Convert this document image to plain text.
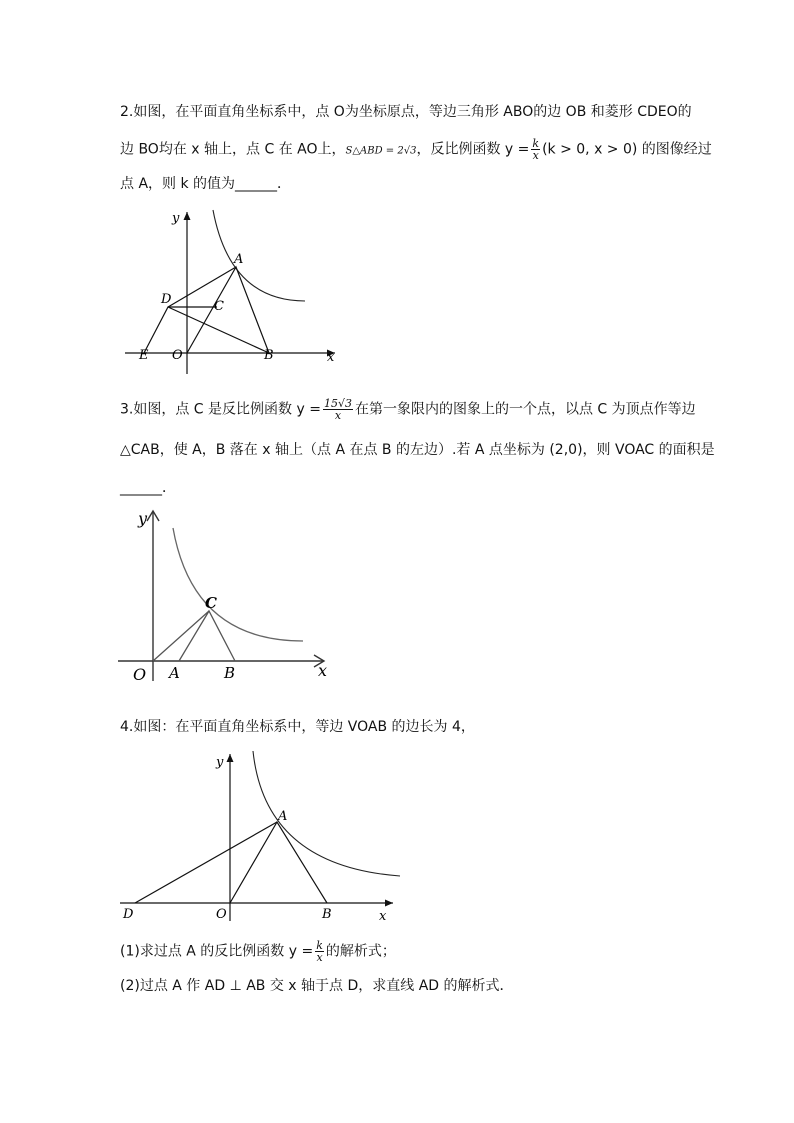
2.如图，在平面直角坐标系中，点 O为坐标原点，等边三角形 ABO的边 OB 和菱形 CDEO的
边 BO均在 x 轴上，点 C 在 AO上，S△ABD = 2√3，反比例函数 $y = \frac{k}{x} (k > 0$, x > 0) 的图像经过
点 A，则 k 的值为______．
y
A
D	C
E O	B	x
3.如图，点 C 是反比例函数 $y = \frac{15√3}{x}$ 在第一象限内的图象上的一个点，以点 C 为顶点作等边
△CAB，使 A，B 落在 x 轴上（点 A 在点 B 的左边）.若 A 点坐标为 (2,0)，则 VOAC 的面积是
______．
y
C
O A	B	x
4.如图：在平面直角坐标系中，等边 VOAB 的边长为 4，
y
A
D	O	B	x
(1)求过点 A 的反比例函数 $y = \frac{k}{x}$ 的解析式；
(2)过点 A 作 AD ⊥ AB 交 x 轴于点 D，求直线 AD 的解析式．
